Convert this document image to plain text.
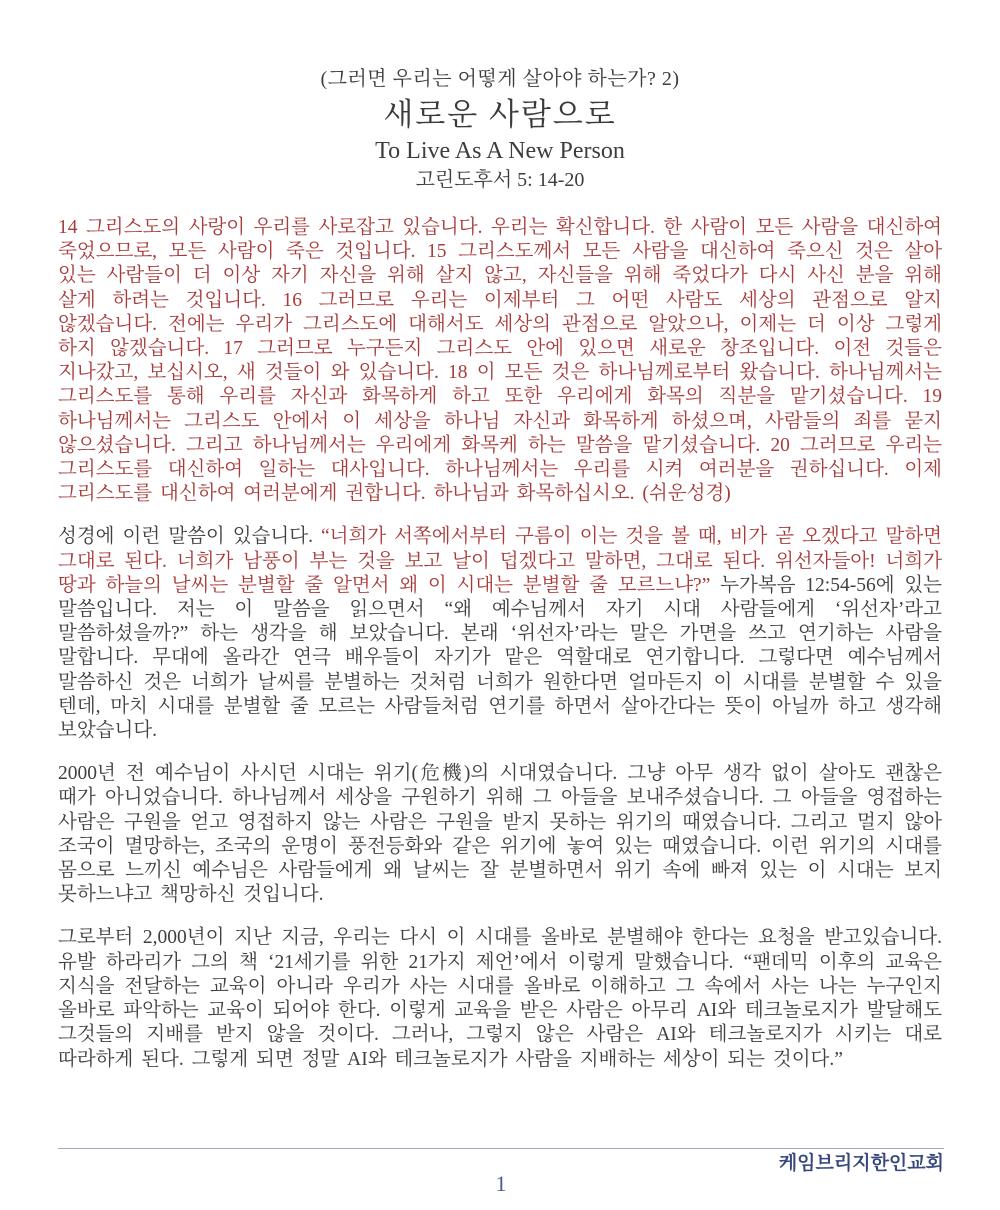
(그러면 우리는 어떻게 살아야 하는가? 2)
새로운 사람으로
To Live As A New Person
고린도후서 5: 14-20

14 그리스도의 사랑이 우리를 사로잡고 있습니다. 우리는 확신합니다. 한 사람이 모든 사람을 대신하여 죽었으므로, 모든 사람이 죽은 것입니다. 15 그리스도께서 모든 사람을 대신하여 죽으신 것은 살아 있는 사람들이 더 이상 자기 자신을 위해 살지 않고, 자신들을 위해 죽었다가 다시 사신 분을 위해 살게 하려는 것입니다. 16 그러므로 우리는 이제부터 그 어떤 사람도 세상의 관점으로 알지 않겠습니다. 전에는 우리가 그리스도에 대해서도 세상의 관점으로 알았으나, 이제는 더 이상 그렇게 하지 않겠습니다. 17 그러므로 누구든지 그리스도 안에 있으면 새로운 창조입니다. 이전 것들은 지나갔고, 보십시오, 새 것들이 와 있습니다. 18 이 모든 것은 하나님께로부터 왔습니다. 하나님께서는 그리스도를 통해 우리를 자신과 화목하게 하고 또한 우리에게 화목의 직분을 맡기셨습니다. 19 하나님께서는 그리스도 안에서 이 세상을 하나님 자신과 화목하게 하셨으며, 사람들의 죄를 묻지 않으셨습니다. 그리고 하나님께서는 우리에게 화목케 하는 말씀을 맡기셨습니다. 20 그러므로 우리는 그리스도를 대신하여 일하는 대사입니다. 하나님께서는 우리를 시켜 여러분을 권하십니다. 이제 그리스도를 대신하여 여러분에게 권합니다. 하나님과 화목하십시오. (쉬운성경)

성경에 이런 말씀이 있습니다. “너희가 서쪽에서부터 구름이 이는 것을 볼 때, 비가 곧 오겠다고 말하면 그대로 된다. 너희가 남풍이 부는 것을 보고 날이 덥겠다고 말하면, 그대로 된다. 위선자들아! 너희가 땅과 하늘의 날씨는 분별할 줄 알면서 왜 이 시대는 분별할 줄 모르느냐?” 누가복음 12:54-56에 있는 말씀입니다. 저는 이 말씀을 읽으면서 “왜 예수님께서 자기 시대 사람들에게 ‘위선자’라고 말씀하셨을까?” 하는 생각을 해 보았습니다. 본래 ‘위선자’라는 말은 가면을 쓰고 연기하는 사람을 말합니다. 무대에 올라간 연극 배우들이 자기가 맡은 역할대로 연기합니다. 그렇다면 예수님께서 말씀하신 것은 너희가 날씨를 분별하는 것처럼 너희가 원한다면 얼마든지 이 시대를 분별할 수 있을 텐데, 마치 시대를 분별할 줄 모르는 사람들처럼 연기를 하면서 살아간다는 뜻이 아닐까 하고 생각해 보았습니다.

2000년 전 예수님이 사시던 시대는 위기(危機)의 시대였습니다. 그냥 아무 생각 없이 살아도 괜찮은 때가 아니었습니다. 하나님께서 세상을 구원하기 위해 그 아들을 보내주셨습니다. 그 아들을 영접하는 사람은 구원을 얻고 영접하지 않는 사람은 구원을 받지 못하는 위기의 때였습니다. 그리고 멀지 않아 조국이 멸망하는, 조국의 운명이 풍전등화와 같은 위기에 놓여 있는 때였습니다. 이런 위기의 시대를 몸으로 느끼신 예수님은 사람들에게 왜 날씨는 잘 분별하면서 위기 속에 빠져 있는 이 시대는 보지 못하느냐고 책망하신 것입니다.

그로부터 2,000년이 지난 지금, 우리는 다시 이 시대를 올바로 분별해야 한다는 요청을 받고있습니다. 유발 하라리가 그의 책 ‘21세기를 위한 21가지 제언’에서 이렇게 말했습니다. “팬데믹 이후의 교육은 지식을 전달하는 교육이 아니라 우리가 사는 시대를 올바로 이해하고 그 속에서 사는 나는 누구인지 올바로 파악하는 교육이 되어야 한다. 이렇게 교육을 받은 사람은 아무리 AI와 테크놀로지가 발달해도 그것들의 지배를 받지 않을 것이다. 그러나, 그렇지 않은 사람은 AI와 테크놀로지가 시키는 대로 따라하게 된다. 그렇게 되면 정말 AI와 테크놀로지가 사람을 지배하는 세상이 되는 것이다.”

케임브리지한인교회
1
